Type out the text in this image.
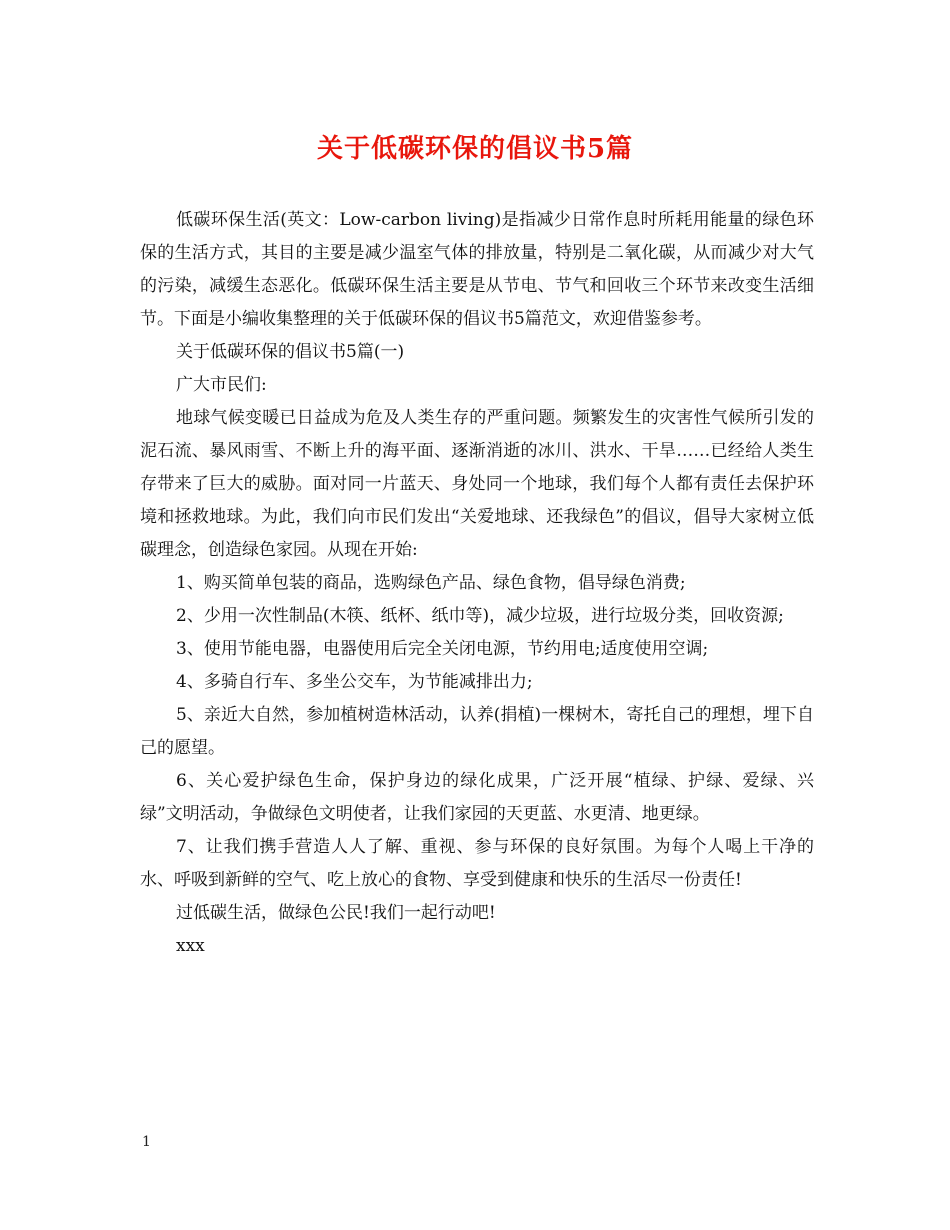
关于低碳环保的倡议书5篇

低碳环保生活(英文：Low-carbon living)是指减少日常作息时所耗用能量的绿色环保的生活方式，其目的主要是减少温室气体的排放量，特别是二氧化碳，从而减少对大气的污染，减缓生态恶化。低碳环保生活主要是从节电、节气和回收三个环节来改变生活细节。下面是小编收集整理的关于低碳环保的倡议书5篇范文，欢迎借鉴参考。

关于低碳环保的倡议书5篇(一)

广大市民们:

地球气候变暖已日益成为危及人类生存的严重问题。频繁发生的灾害性气候所引发的泥石流、暴风雨雪、不断上升的海平面、逐渐消逝的冰川、洪水、干旱……已经给人类生存带来了巨大的威胁。面对同一片蓝天、身处同一个地球，我们每个人都有责任去保护环境和拯救地球。为此，我们向市民们发出“关爱地球、还我绿色”的倡议，倡导大家树立低碳理念，创造绿色家园。从现在开始:

1、购买简单包装的商品，选购绿色产品、绿色食物，倡导绿色消费;

2、少用一次性制品(木筷、纸杯、纸巾等)，减少垃圾，进行垃圾分类，回收资源;

3、使用节能电器，电器使用后完全关闭电源，节约用电;适度使用空调;

4、多骑自行车、多坐公交车，为节能减排出力;

5、亲近大自然，参加植树造林活动，认养(捐植)一棵树木，寄托自己的理想，埋下自己的愿望。

6、关心爱护绿色生命，保护身边的绿化成果，广泛开展“植绿、护绿、爱绿、兴绿”文明活动，争做绿色文明使者，让我们家园的天更蓝、水更清、地更绿。

7、让我们携手营造人人了解、重视、参与环保的良好氛围。为每个人喝上干净的水、呼吸到新鲜的空气、吃上放心的食物、享受到健康和快乐的生活尽一份责任!

过低碳生活，做绿色公民!我们一起行动吧!

xxx

1
